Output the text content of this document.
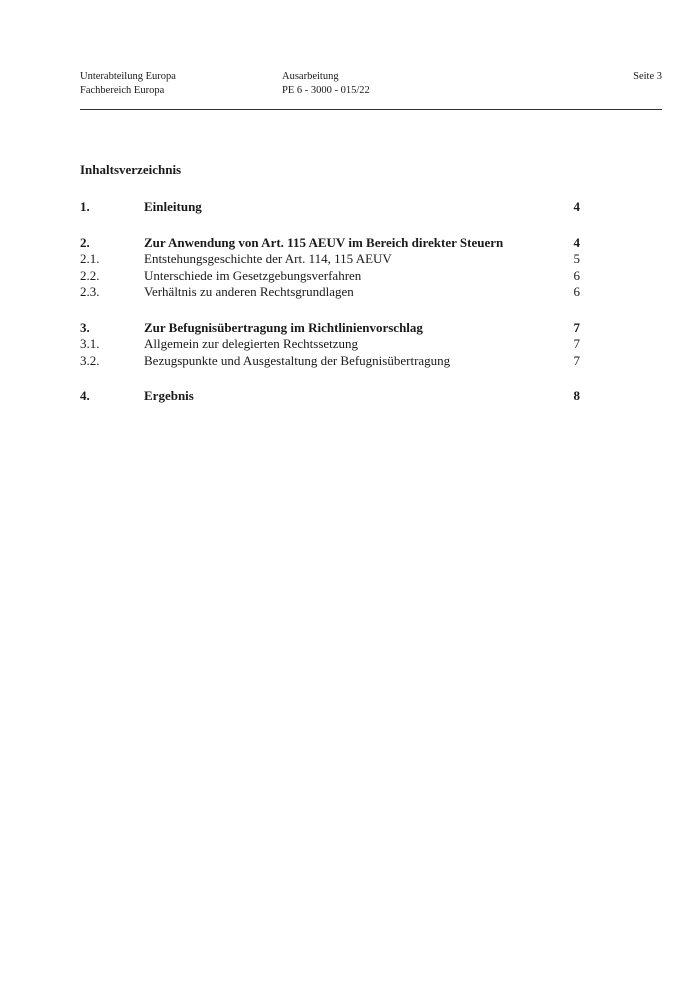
Unterabteilung Europa
Fachbereich Europa
Ausarbeitung
PE 6 - 3000 - 015/22
Seite 3
Inhaltsverzeichnis
1.	Einleitung	4
2.	Zur Anwendung von Art. 115 AEUV im Bereich direkter Steuern	4
2.1.	Entstehungsgeschichte der Art. 114, 115 AEUV	5
2.2.	Unterschiede im Gesetzgebungsverfahren	6
2.3.	Verhältnis zu anderen Rechtsgrundlagen	6
3.	Zur Befugnisübertragung im Richtlinienvorschlag	7
3.1.	Allgemein zur delegierten Rechtssetzung	7
3.2.	Bezugspunkte und Ausgestaltung der Befugnisübertragung	7
4.	Ergebnis	8
